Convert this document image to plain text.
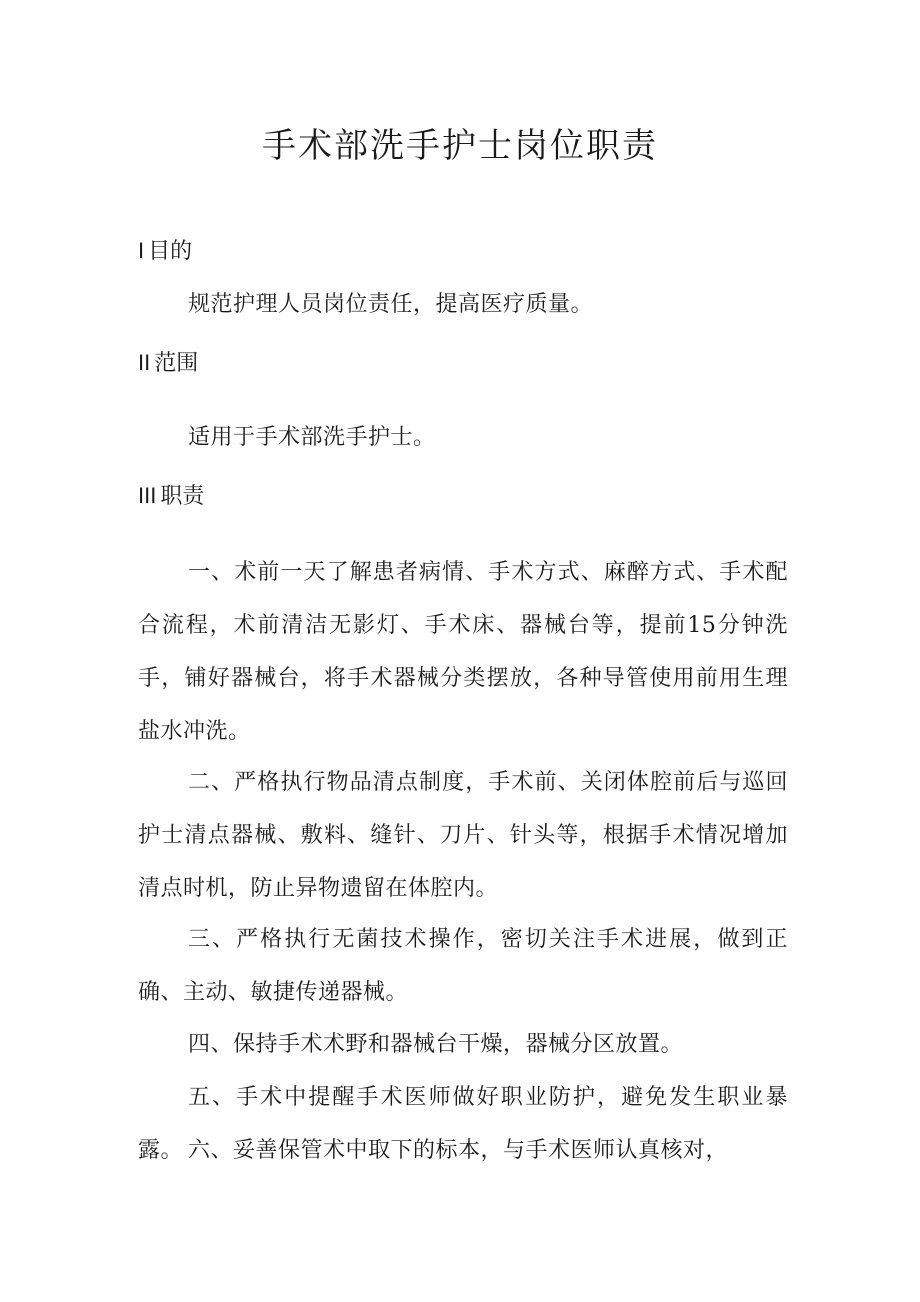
手术部洗手护士岗位职责
I 目的

规范护理人员岗位责任，提高医疗质量。

II 范围

适用于手术部洗手护士。

III 职责

一、术前一天了解患者病情、手术方式、麻醉方式、手术配合流程，术前清洁无影灯、手术床、器械台等，提前15分钟洗手，铺好器械台，将手术器械分类摆放，各种导管使用前用生理盐水冲洗。

二、严格执行物品清点制度，手术前、关闭体腔前后与巡回护士清点器械、敷料、缝针、刀片、针头等，根据手术情况增加清点时机，防止异物遗留在体腔内。

三、严格执行无菌技术操作，密切关注手术进展，做到正确、主动、敏捷传递器械。

四、保持手术术野和器械台干燥，器械分区放置。

五、手术中提醒手术医师做好职业防护，避免发生职业暴露。 六、妥善保管术中取下的标本，与手术医师认真核对，
